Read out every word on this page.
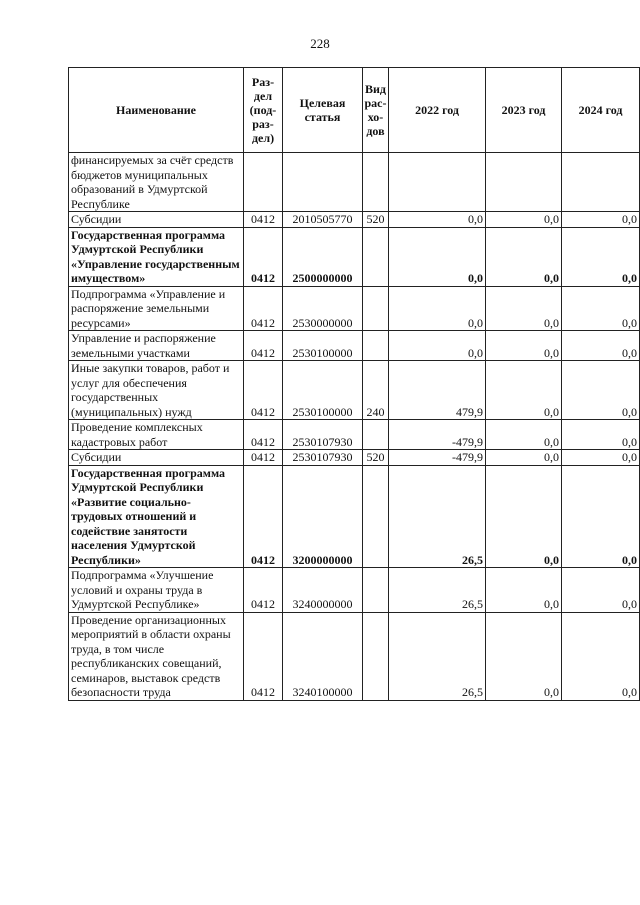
228
Наименование	Раз-дел (под-раз-дел)	Целевая статья	Вид рас-хо-дов	2022 год	2023 год	2024 год
финансируемых за счёт средств бюджетов муниципальных образований в Удмуртской Республике						
Субсидии	0412	2010505770	520	0,0	0,0	0,0
Государственная программа Удмуртской Республики «Управление государственным имуществом»	0412	2500000000		0,0	0,0	0,0
Подпрограмма «Управление и распоряжение земельными ресурсами»	0412	2530000000		0,0	0,0	0,0
Управление и распоряжение земельными участками	0412	2530100000		0,0	0,0	0,0
Иные закупки товаров, работ и услуг для обеспечения государственных (муниципальных) нужд	0412	2530100000	240	479,9	0,0	0,0
Проведение комплексных кадастровых работ	0412	2530107930		-479,9	0,0	0,0
Субсидии	0412	2530107930	520	-479,9	0,0	0,0
Государственная программа Удмуртской Республики «Развитие социально-трудовых отношений и содействие занятости населения Удмуртской Республики»	0412	3200000000		26,5	0,0	0,0
Подпрограмма «Улучшение условий и охраны труда в Удмуртской Республике»	0412	3240000000		26,5	0,0	0,0
Проведение организационных мероприятий в области охраны труда, в том числе республиканских совещаний, семинаров, выставок средств безопасности труда	0412	3240100000		26,5	0,0	0,0
